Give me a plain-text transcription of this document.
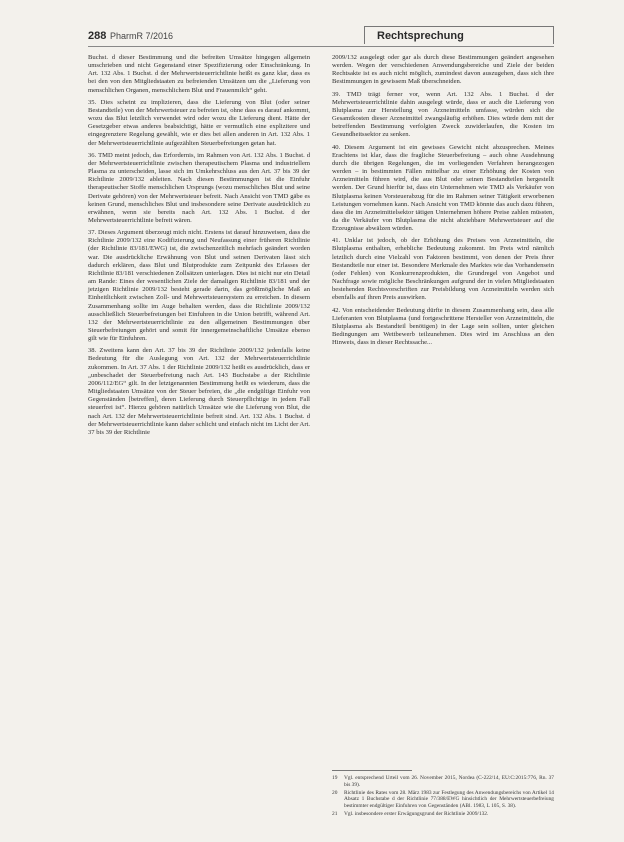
288 PharmR 7/2016	Rechtsprechung

Buchst. d dieser Bestimmung und die befreiten Umsätze hingegen allgemein umschrieben und nicht Gegenstand einer Spezifizierung oder Einschränkung. In Art. 132 Abs. 1 Buchst. d der Mehrwertsteuerrichtlinie heißt es ganz klar, dass es bei den von den Mitgliedstaaten zu befreienden Umsätzen um die „Lieferung von menschlichen Organen, menschlichem Blut und Frauenmilch“ geht.

35. Dies scheint zu implizieren, dass die Lieferung von Blut (oder seiner Bestandteile) von der Mehrwertsteuer zu befreien ist, ohne dass es darauf ankommt, wozu das Blut letztlich verwendet wird oder wozu die Lieferung dient. Hätte der Gesetzgeber etwas anderes beabsichtigt, hätte er vermutlich eine explizitere und eingegrenztere Regelung gewählt, wie er dies bei allen anderen in Art. 132 Abs. 1 der Mehrwertsteuerrichtlinie aufgezählten Steuerbefreiungen getan hat.

36. TMD meint jedoch, das Erfordernis, im Rahmen von Art. 132 Abs. 1 Buchst. d der Mehrwertsteuerrichtlinie zwischen therapeutischem Plasma und industriellem Plasma zu unterscheiden, lasse sich im Umkehrschluss aus den Art. 37 bis 39 der Richtlinie 2009/132 ableiten. Nach diesen Bestimmungen ist die Einfuhr therapeutischer Stoffe menschlichen Ursprungs (wozu menschliches Blut und seine Derivate gehören) von der Mehrwertsteuer befreit. Nach Ansicht von TMD gäbe es keinen Grund, menschliches Blut und insbesondere seine Derivate ausdrücklich zu erwähnen, wenn sie bereits nach Art. 132 Abs. 1 Buchst. d der Mehrwertsteuerrichtlinie befreit wären.

37. Dieses Argument überzeugt mich nicht. Erstens ist darauf hinzuweisen, dass die Richtlinie 2009/132 eine Kodifizierung und Neufassung einer früheren Richtlinie (der Richtlinie 83/181/EWG) ist, die zwischenzeitlich mehrfach geändert worden war. Die ausdrückliche Erwähnung von Blut und seinen Derivaten lässt sich dadurch erklären, dass Blut und Blutprodukte zum Zeitpunkt des Erlasses der Richtlinie 83/181 verschiedenen Zollsätzen unterlagen. Dies ist nicht nur ein Detail am Rande: Eines der wesentlichen Ziele der damaligen Richtlinie 83/181 und der jetzigen Richtlinie 2009/132 besteht gerade darin, das größtmögliche Maß an Einheitlichkeit zwischen Zoll- und Mehrwertsteuersystem zu erreichen. In diesem Zusammenhang sollte im Auge behalten werden, dass die Richtlinie 2009/132 ausschließlich Steuerbefreiungen bei Einfuhren in die Union betrifft, während Art. 132 der Mehrwertsteuerrichtlinie zu den allgemeinen Bestimmungen über Steuerbefreiungen gehört und somit für innergemeinschaftliche Umsätze ebenso gilt wie für Einfuhren.

38. Zweitens kann den Art. 37 bis 39 der Richtlinie 2009/132 jedenfalls keine Bedeutung für die Auslegung von Art. 132 der Mehrwertsteuerrichtlinie zukommen. In Art. 37 Abs. 1 der Richtlinie 2009/132 heißt es ausdrücklich, dass er „unbeschadet der Steuerbefreiung nach Art. 143 Buchstabe a der Richtlinie 2006/112/EG“ gilt. In der letztgenannten Bestimmung heißt es wiederum, dass die Mitgliedstaaten Umsätze von der Steuer befreien, die „die endgültige Einfuhr von Gegenständen [betreffen], deren Lieferung durch Steuerpflichtige in jedem Fall steuerfrei ist“. Hierzu gehören natürlich Umsätze wie die Lieferung von Blut, die nach Art. 132 der Mehrwertsteuerrichtlinie befreit sind. Art. 132 Abs. 1 Buchst. d der Mehrwertsteuerrichtlinie kann daher schlicht und einfach nicht im Licht der Art. 37 bis 39 der Richtlinie

2009/132 ausgelegt oder gar als durch diese Bestimmungen geändert angesehen werden. Wegen der verschiedenen Anwendungsbereiche und Ziele der beiden Rechtsakte ist es auch nicht möglich, zumindest davon auszugehen, dass sich ihre Bestimmungen in gewissem Maß überschneiden.

39. TMD trägt ferner vor, wenn Art. 132 Abs. 1 Buchst. d der Mehrwertsteuerrichtlinie dahin ausgelegt würde, dass er auch die Lieferung von Blutplasma zur Herstellung von Arzneimitteln umfasse, würden sich die Gesamtkosten dieser Arzneimittel zwangsläufig erhöhen. Dies würde dem mit der betreffenden Bestimmung verfolgten Zweck zuwiderlaufen, die Kosten im Gesundheitssektor zu senken.

40. Diesem Argument ist ein gewisses Gewicht nicht abzusprechen. Meines Erachtens ist klar, dass die fragliche Steuerbefreiung – auch ohne Ausdehnung durch die übrigen Regelungen, die im vorliegenden Verfahren herangezogen werden – in bestimmten Fällen mittelbar zu einer Erhöhung der Kosten von Arzneimitteln führen wird, die aus Blut oder seinen Bestandteilen hergestellt werden. Der Grund hierfür ist, dass ein Unternehmen wie TMD als Verkäufer von Blutplasma keinen Vorsteuerabzug für die im Rahmen seiner Tätigkeit erworbenen Leistungen vornehmen kann. Nach Ansicht von TMD könnte das auch dazu führen, dass die im Arzneimittelsektor tätigen Unternehmen höhere Preise zahlen müssten, da die Verkäufer von Blutplasma die nicht abziehbare Mehrwertsteuer auf die Erzeugnisse abwälzen würden.

41. Unklar ist jedoch, ob der Erhöhung des Preises von Arzneimitteln, die Blutplasma enthalten, erhebliche Bedeutung zukommt. Im Preis wird nämlich letztlich durch eine Vielzahl von Faktoren bestimmt, von denen der Preis ihrer Bestandteile nur einer ist. Besondere Merkmale des Marktes wie das Vorhandensein (oder Fehlen) von Konkurrenzprodukten, die Grundregel von Angebot und Nachfrage sowie mögliche Beschränkungen aufgrund der in vielen Mitgliedstaaten bestehenden Rechtsvorschriften zur Preisbildung von Arzneimitteln werden sich ebenfalls auf ihren Preis auswirken.

42. Von entscheidender Bedeutung dürfte in diesem Zusammenhang sein, dass alle Lieferanten von Blutplasma (und fortgeschrittene Hersteller von Arzneimitteln, die Blutplasma als Bestandteil benötigen) in der Lage sein sollten, unter gleichen Bedingungen am Wettbewerb teilzunehmen. Dies wird im Anschluss an den Hinweis, dass in dieser Rechtssache...

19	Vgl. entsprechend Urteil vom 26. November 2015, Nordea (C-222/14, EU:C:2015:776, Rn. 37 bis 39).
20	Richtlinie des Rates vom 28. März 1983 zur Festlegung des Anwendungsbereichs von Artikel 14 Absatz 1 Buchstabe d der Richtlinie 77/388/EWG hinsichtlich der Mehrwertsteuerbefreiung bestimmter endgültiger Einfuhren von Gegenständen (ABl. 1983, L 105, S. 38).
21	Vgl. insbesondere erster Erwägungsgrund der Richtlinie 2009/132.
